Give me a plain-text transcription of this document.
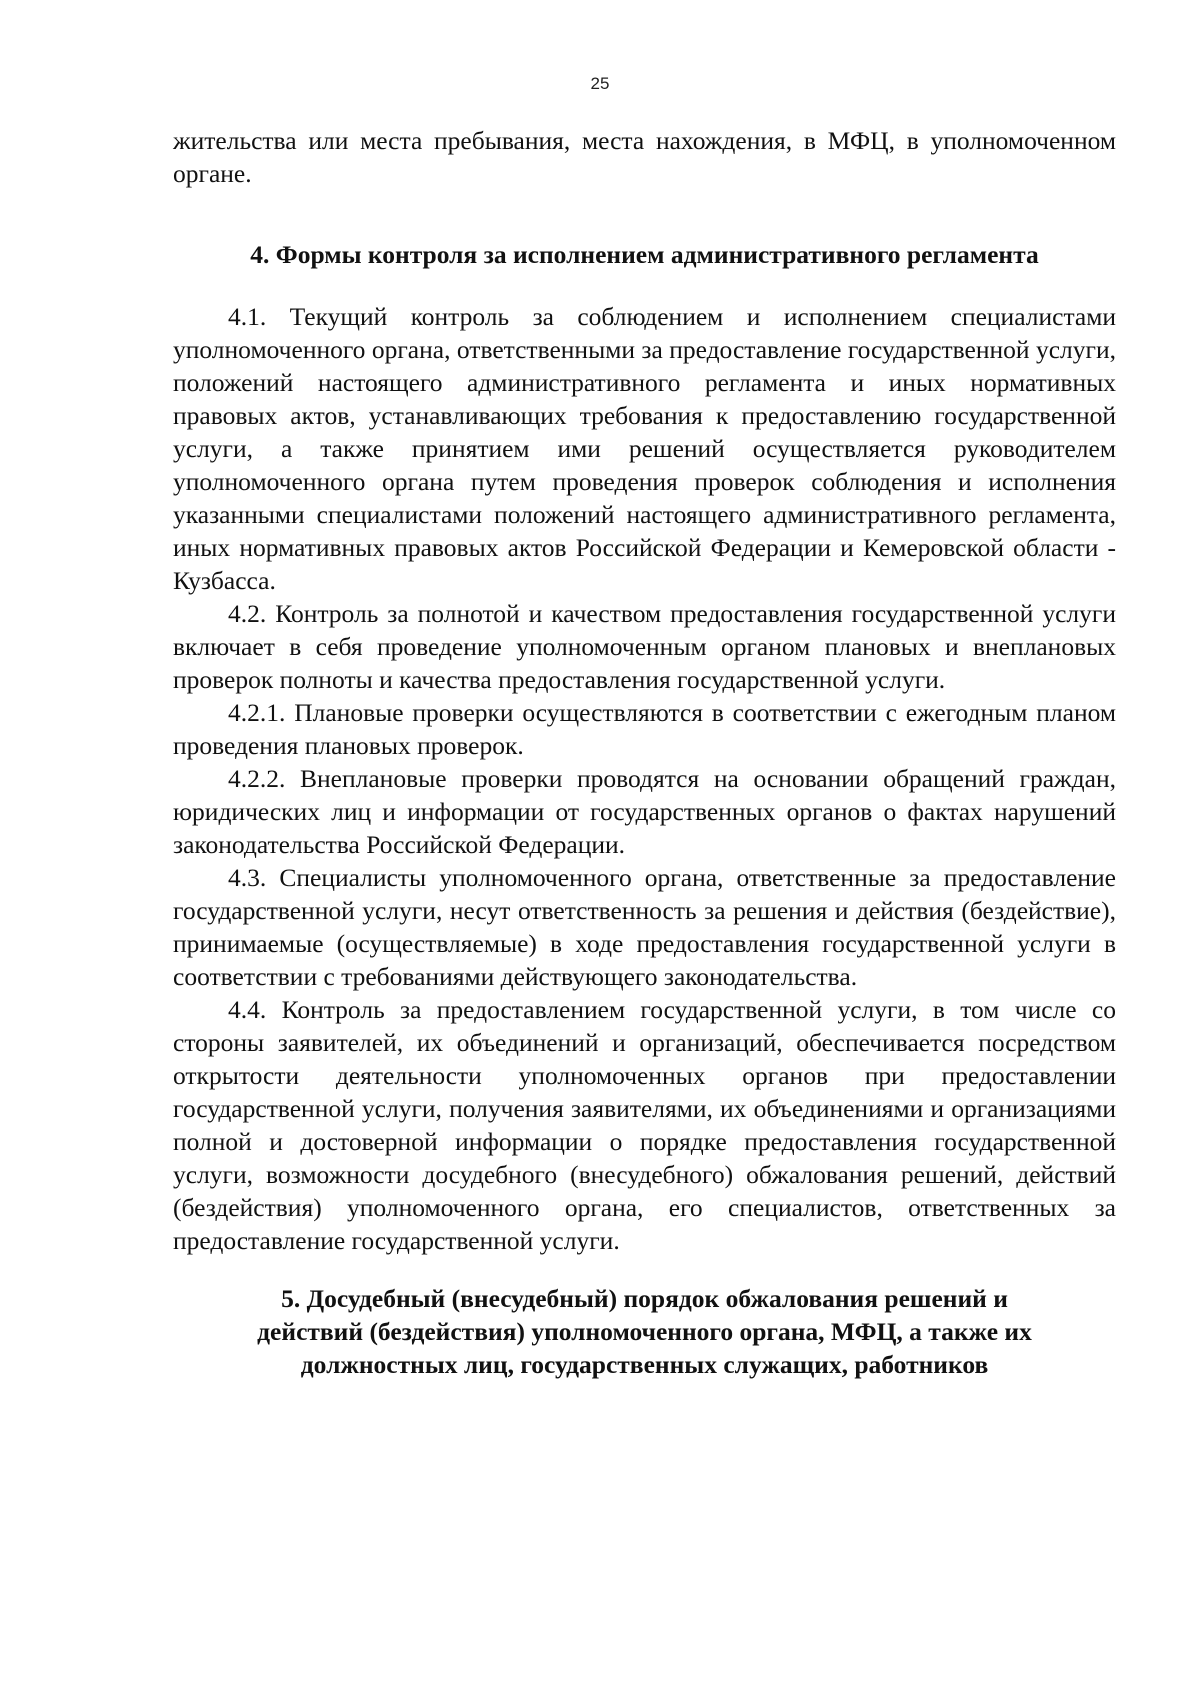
25

жительства или места пребывания, места нахождения, в МФЦ, в уполномоченном органе.

4. Формы контроля за исполнением административного регламента

4.1. Текущий контроль за соблюдением и исполнением специалистами уполномоченного органа, ответственными за предоставление государственной услуги, положений настоящего административного регламента и иных нормативных правовых актов, устанавливающих требования к предоставлению государственной услуги, а также принятием ими решений осуществляется руководителем уполномоченного органа путем проведения проверок соблюдения и исполнения указанными специалистами положений настоящего административного регламента, иных нормативных правовых актов Российской Федерации и Кемеровской области - Кузбасса.

4.2. Контроль за полнотой и качеством предоставления государственной услуги включает в себя проведение уполномоченным органом плановых и внеплановых проверок полноты и качества предоставления государственной услуги.

4.2.1. Плановые проверки осуществляются в соответствии с ежегодным планом проведения плановых проверок.

4.2.2. Внеплановые проверки проводятся на основании обращений граждан, юридических лиц и информации от государственных органов о фактах нарушений законодательства Российской Федерации.

4.3. Специалисты уполномоченного органа, ответственные за предоставление государственной услуги, несут ответственность за решения и действия (бездействие), принимаемые (осуществляемые) в ходе предоставления государственной услуги в соответствии с требованиями действующего законодательства.

4.4. Контроль за предоставлением государственной услуги, в том числе со стороны заявителей, их объединений и организаций, обеспечивается посредством открытости деятельности уполномоченных органов при предоставлении государственной услуги, получения заявителями, их объединениями и организациями полной и достоверной информации о порядке предоставления государственной услуги, возможности досудебного (внесудебного) обжалования решений, действий (бездействия) уполномоченного органа, его специалистов, ответственных за предоставление государственной услуги.

5. Досудебный (внесудебный) порядок обжалования решений и
действий (бездействия) уполномоченного органа, МФЦ, а также их
должностных лиц, государственных служащих, работников
